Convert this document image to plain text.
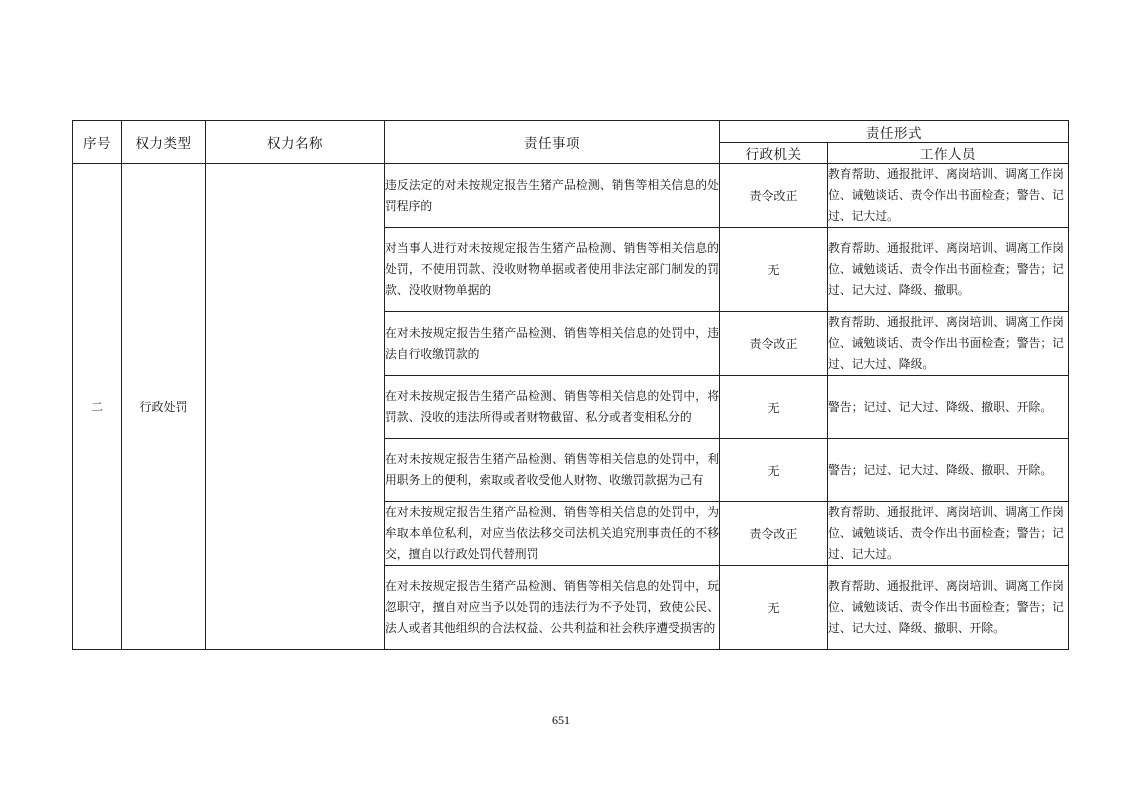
序号	权力类型	权力名称	责任事项	责任形式	
				行政机关	工作人员
二	行政处罚		违反法定的对未按规定报告生猪产品检测、销售等相关信息的处罚程序的	责令改正	教育帮助、通报批评、离岗培训、调离工作岗位、诫勉谈话、责令作出书面检查；警告、记过、记大过。
			对当事人进行对未按规定报告生猪产品检测、销售等相关信息的处罚，不使用罚款、没收财物单据或者使用非法定部门制发的罚款、没收财物单据的	无	教育帮助、通报批评、离岗培训、调离工作岗位、诫勉谈话、责令作出书面检查；警告；记过、记大过、降级、撤职。
			在对未按规定报告生猪产品检测、销售等相关信息的处罚中，违法自行收缴罚款的	责令改正	教育帮助、通报批评、离岗培训、调离工作岗位、诫勉谈话、责令作出书面检查；警告；记过、记大过、降级。
			在对未按规定报告生猪产品检测、销售等相关信息的处罚中，将罚款、没收的违法所得或者财物截留、私分或者变相私分的	无	警告；记过、记大过、降级、撤职、开除。
			在对未按规定报告生猪产品检测、销售等相关信息的处罚中，利用职务上的便利，索取或者收受他人财物、收缴罚款据为己有	无	警告；记过、记大过、降级、撤职、开除。
			在对未按规定报告生猪产品检测、销售等相关信息的处罚中，为牟取本单位私利，对应当依法移交司法机关追究刑事责任的不移交，擅自以行政处罚代替刑罚	责令改正	教育帮助、通报批评、离岗培训、调离工作岗位、诫勉谈话、责令作出书面检查；警告；记过、记大过。
			在对未按规定报告生猪产品检测、销售等相关信息的处罚中，玩忽职守，擅自对应当予以处罚的违法行为不予处罚，致使公民、法人或者其他组织的合法权益、公共利益和社会秩序遭受损害的	无	教育帮助、通报批评、离岗培训、调离工作岗位、诫勉谈话、责令作出书面检查；警告；记过、记大过、降级、撤职、开除。
651
